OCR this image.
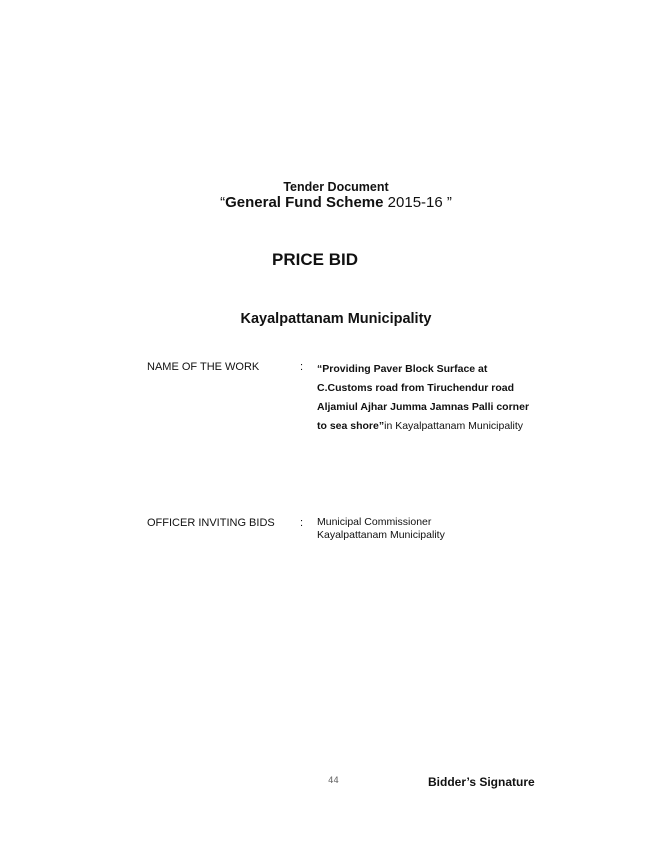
Tender Document
“General Fund Scheme 2015-16 ”
PRICE BID
Kayalpattanam Municipality
NAME OF THE WORK	: “Providing Paver Block Surface at
C.Customs road from Tiruchendur road
Aljamiul Ajhar Jumma Jamnas Palli corner
to sea shore”in Kayalpattanam Municipality
OFFICER INVITING BIDS : Municipal Commissioner
Kayalpattanam Municipality
44	Bidder’s Signature
